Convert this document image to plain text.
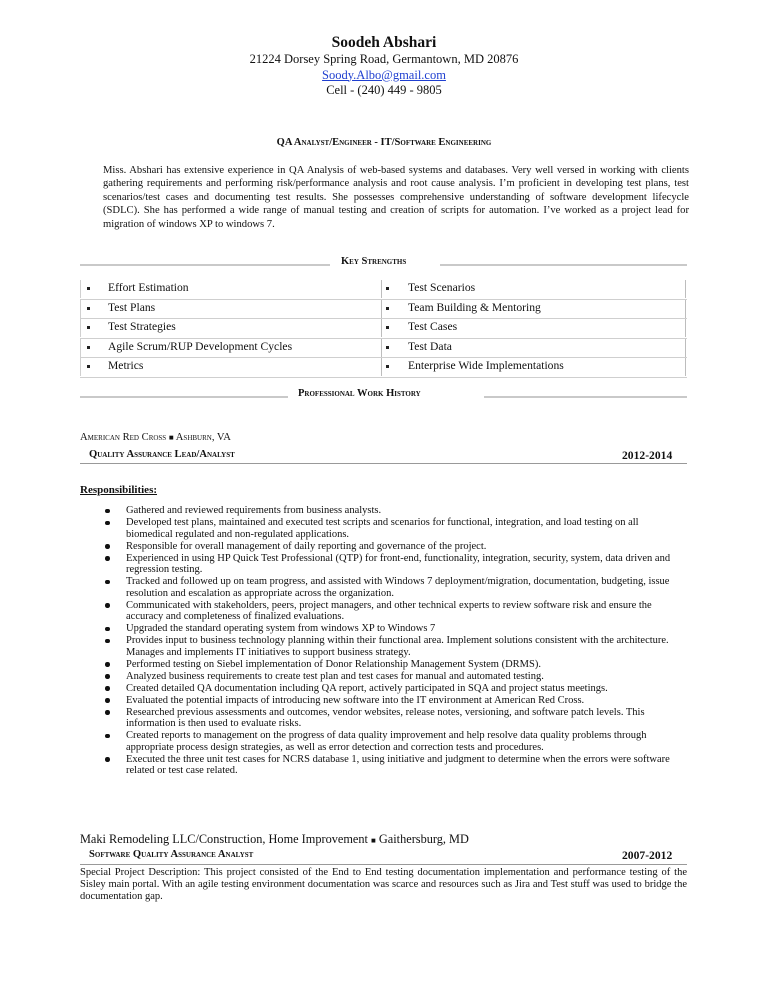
Soodeh Abshari
21224 Dorsey Spring Road, Germantown, MD 20876
Soody.Albo@gmail.com
Cell - (240) 449 - 9805
QA Analyst/Engineer - IT/Software Engineering
Miss. Abshari has extensive experience in QA Analysis of web-based systems and databases. Very well versed in working with clients gathering requirements and performing risk/performance analysis and root cause analysis. I’m proficient in developing test plans, test scenarios/test cases and documenting test results. She possesses comprehensive understanding of software development lifecycle (SDLC). She has performed a wide range of manual testing and creation of scripts for automation. I’ve worked as a project lead for migration of windows XP to windows 7.
Key Strengths
Effort Estimation	Test Scenarios
Test Plans	Team Building & Mentoring
Test Strategies	Test Cases
Agile Scrum/RUP Development Cycles	Test Data
Metrics	Enterprise Wide Implementations
Professional Work History
American Red Cross ■ Ashburn, VA
Quality Assurance Lead/Analyst	2012-2014
Responsibilities:
Gathered and reviewed requirements from business analysts.
Developed test plans, maintained and executed test scripts and scenarios for functional, integration, and load testing on all biomedical regulated and non-regulated applications.
Responsible for overall management of daily reporting and governance of the project.
Experienced in using HP Quick Test Professional (QTP) for front-end, functionality, integration, security, system, data driven and regression testing.
Tracked and followed up on team progress, and assisted with Windows 7 deployment/migration, documentation, budgeting, issue resolution and escalation as appropriate across the organization.
Communicated with stakeholders, peers, project managers, and other technical experts to review software risk and ensure the accuracy and completeness of finalized evaluations.
Upgraded the standard operating system from windows XP to Windows 7
Provides input to business technology planning within their functional area. Implement solutions consistent with the architecture. Manages and implements IT initiatives to support business strategy.
Performed testing on Siebel implementation of Donor Relationship Management System (DRMS).
Analyzed business requirements to create test plan and test cases for manual and automated testing.
Created detailed QA documentation including QA report, actively participated in SQA and project status meetings.
Evaluated the potential impacts of introducing new software into the IT environment at American Red Cross.
Researched previous assessments and outcomes, vendor websites, release notes, versioning, and software patch levels. This information is then used to evaluate risks.
Created reports to management on the progress of data quality improvement and help resolve data quality problems through appropriate process design strategies, as well as error detection and correction tests and procedures.
Executed the three unit test cases for NCRS database 1, using initiative and judgment to determine when the errors were software related or test case related.
Maki Remodeling LLC/Construction, Home Improvement ■ Gaithersburg, MD
Software Quality Assurance Analyst	2007-2012
Special Project Description: This project consisted of the End to End testing documentation implementation and performance testing of the Sisley main portal. With an agile testing environment documentation was scarce and resources such as Jira and Test stuff was used to bridge the documentation gap.
